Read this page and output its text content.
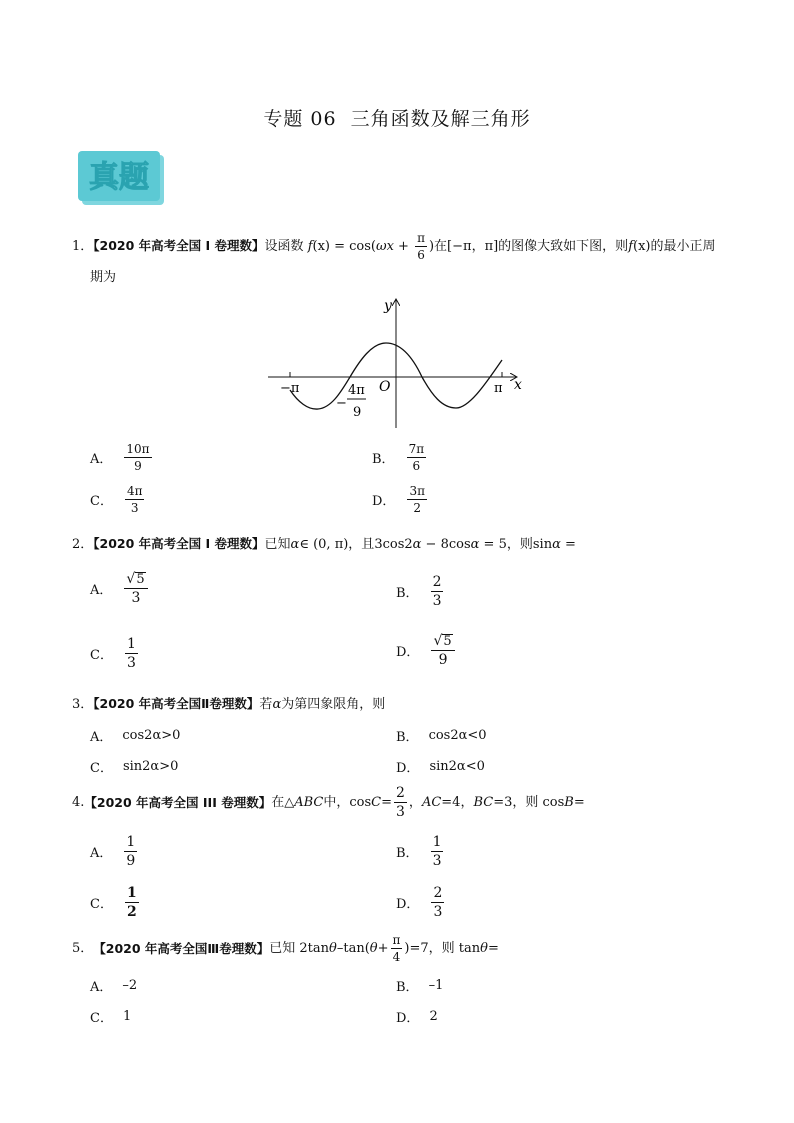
专题 06 三角函数及解三角形
真题
1．【2020 年高考全国 I 卷理数】设函数 $f(x) = \cos(\omega x + \frac{\pi}{6}$ )在[−π，π]的图像大致如下图，则f(x)的最小正周
期为
y
x
O
−π	π
−
4π
9
A． $\frac{10\pi}{9}$	B． $\frac{7\pi}{6}$
C． $\frac{4\pi}{3}$	D． $\frac{3\pi}{2}$
2．【2020 年高考全国 I 卷理数】已知α∈ (0, π)，且3cos2α − 8cosα = 5，则sinα =
A． $\frac{√ 5}{3}$	B． $\frac{2}{3}$
C． $\frac{1}{3}$	D． $\frac{√ 5}{9}$
3．【2020 年高考全国Ⅱ卷理数】若α为第四象限角，则
A． cos2α>0	B． cos2α<0
C． sin2α>0	D． sin2α<0
4. 【2020 年高考全国 III 卷理数】 在△ ABC 中，$\cos C = \frac{2}{3}$ ， AC =4， BC =3，则 cos B =
A． $\frac{1}{9}$	B． $\frac{1}{3}$
C． $\frac{1}{2}$	D． $\frac{2}{3}$
5． 【2020 年高考全国Ⅲ卷理数】 已知 2tan θ –tan( $\theta + \frac{\pi}{4} )=7$，则 tan θ =
A． –2	B． –1
C． 1	D． 2
